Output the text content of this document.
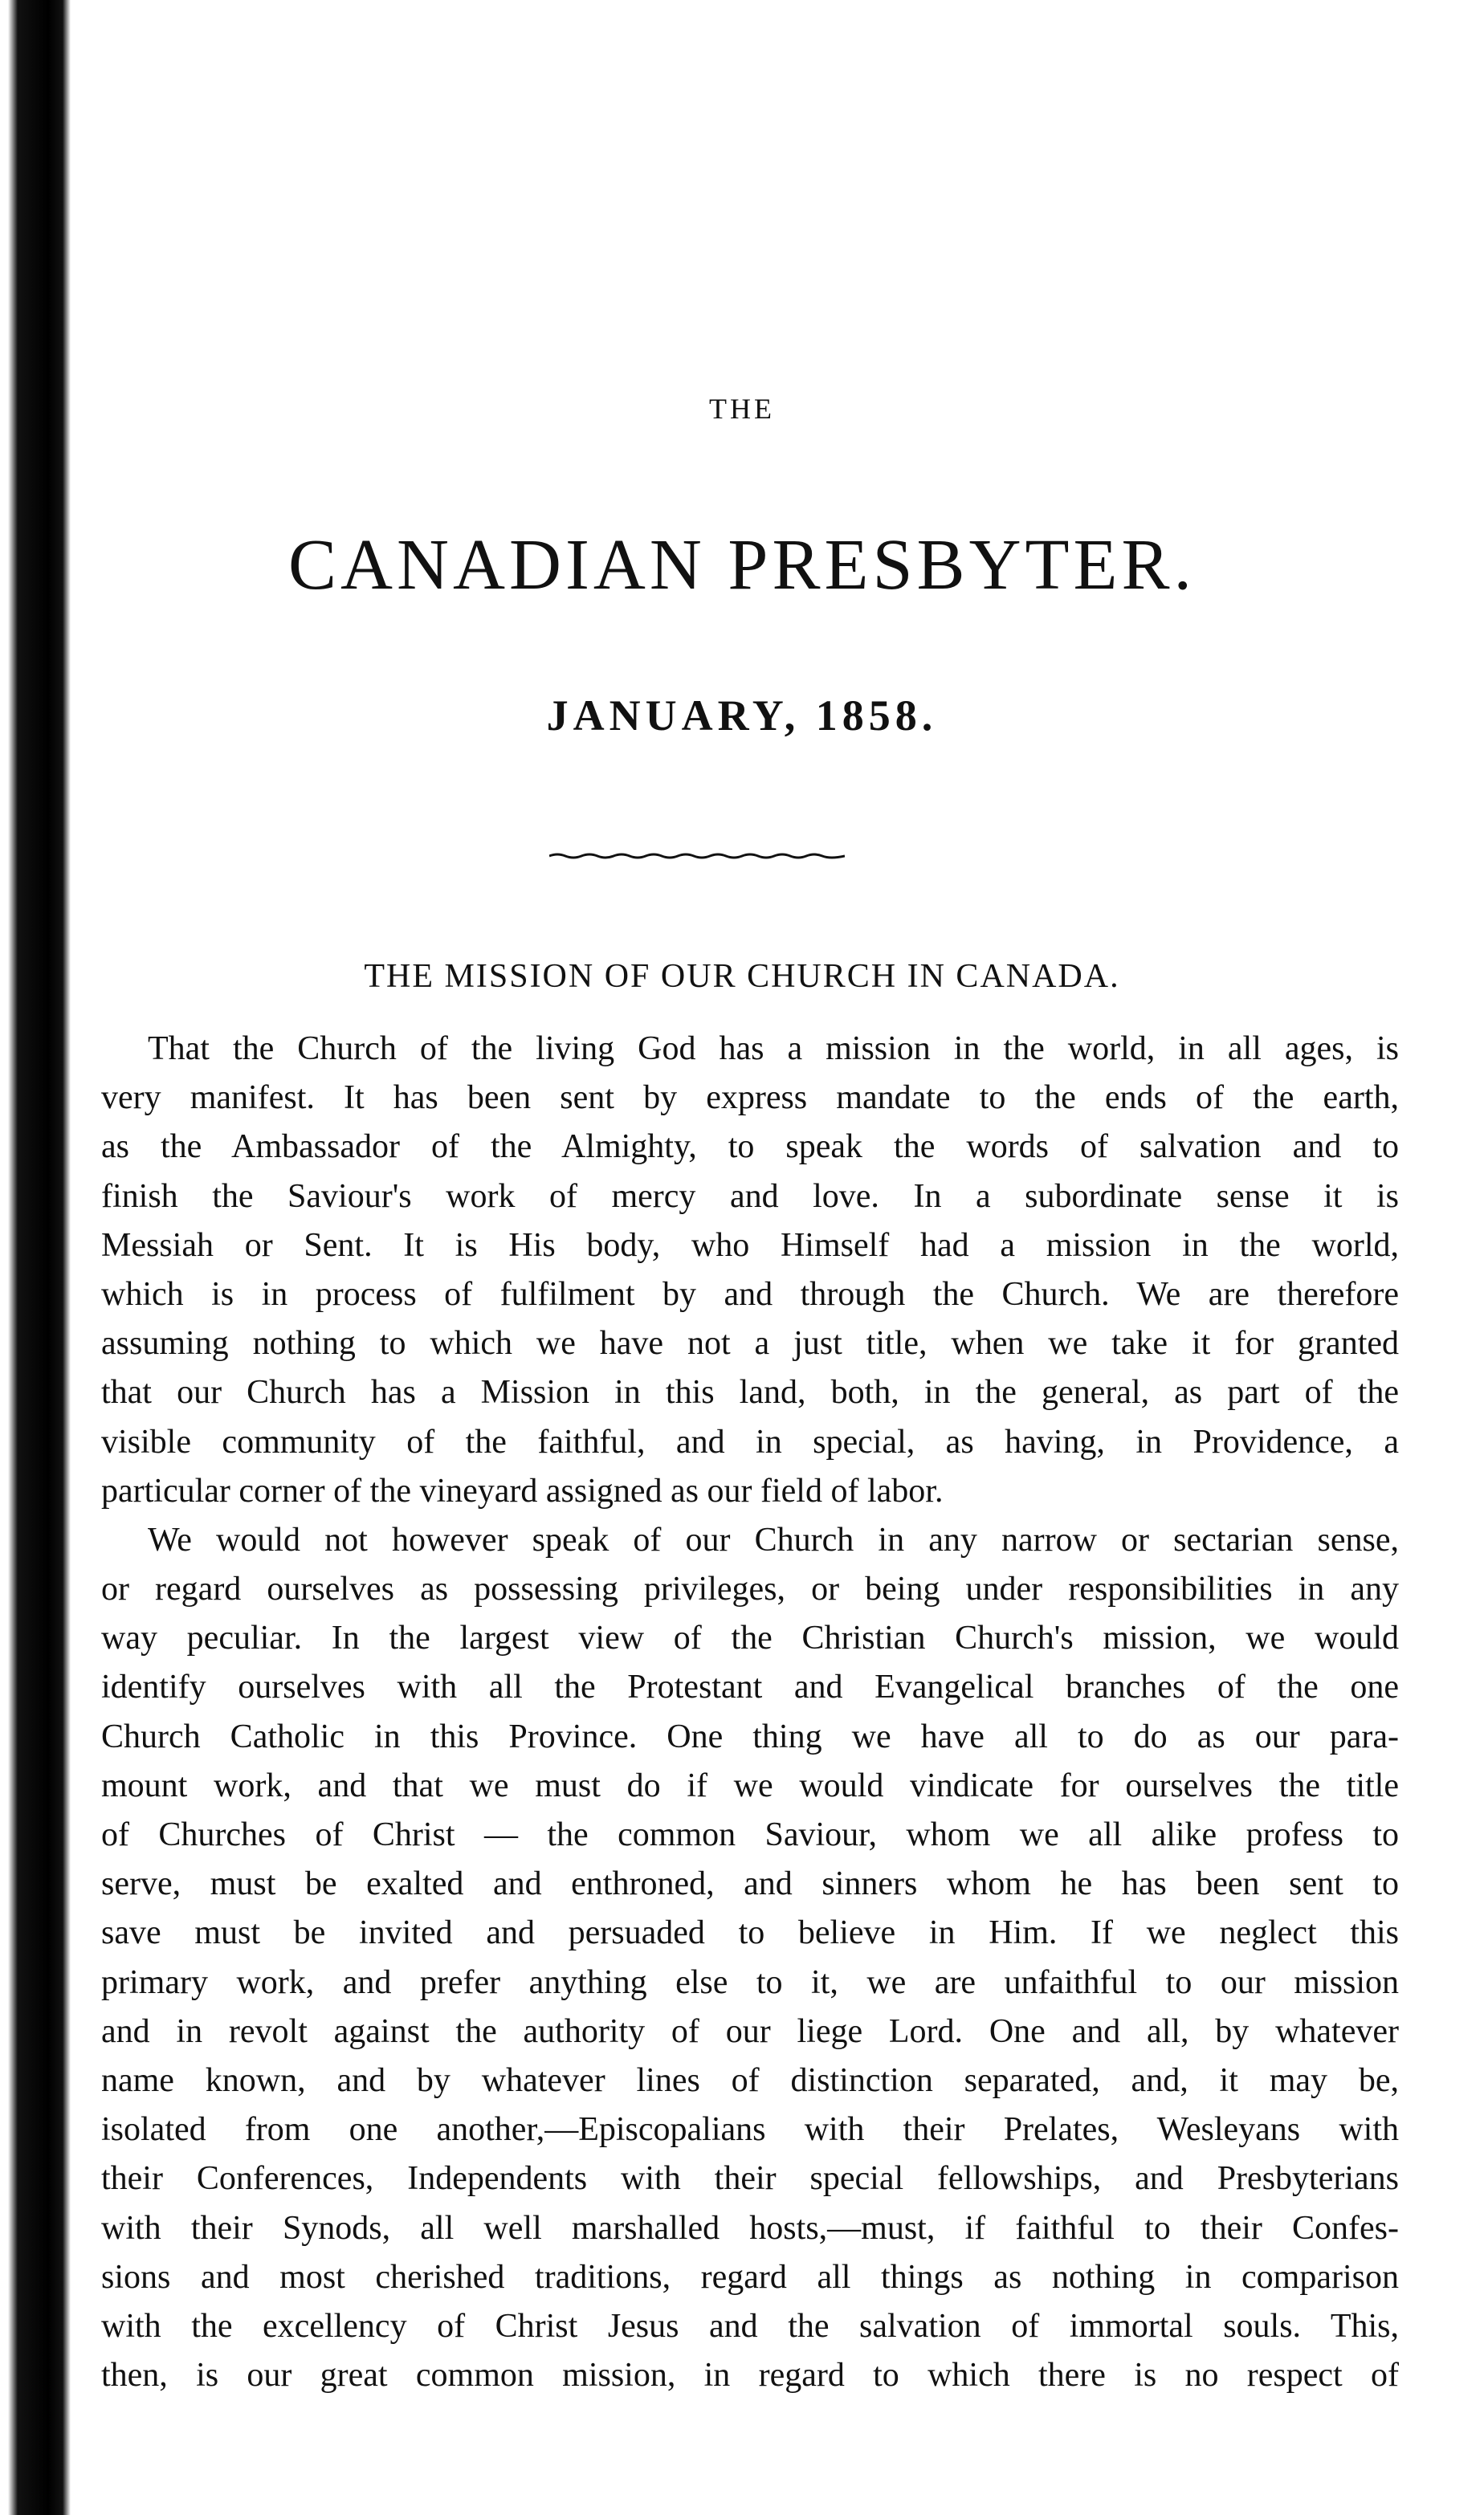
THE
CANADIAN PRESBYTER.
JANUARY, 1858.
THE MISSION OF OUR CHURCH IN CANADA.

That the Church of the living God has a mission in the world, in all ages, is
very manifest. It has been sent by express mandate to the ends of the earth,
as the Ambassador of the Almighty, to speak the words of salvation and to
finish the Saviour's work of mercy and love. In a subordinate sense it is
Messiah or Sent. It is His body, who Himself had a mission in the world,
which is in process of fulfilment by and through the Church. We are therefore
assuming nothing to which we have not a just title, when we take it for granted
that our Church has a Mission in this land, both, in the general, as part of the
visible community of the faithful, and in special, as having, in Providence, a
particular corner of the vineyard assigned as our field of labor.

We would not however speak of our Church in any narrow or sectarian sense,
or regard ourselves as possessing privileges, or being under responsibilities in any
way peculiar. In the largest view of the Christian Church's mission, we would
identify ourselves with all the Protestant and Evangelical branches of the one
Church Catholic in this Province. One thing we have all to do as our para-
mount work, and that we must do if we would vindicate for ourselves the title
of Churches of Christ — the common Saviour, whom we all alike profess to
serve, must be exalted and enthroned, and sinners whom he has been sent to
save must be invited and persuaded to believe in Him. If we neglect this
primary work, and prefer anything else to it, we are unfaithful to our mission
and in revolt against the authority of our liege Lord. One and all, by whatever
name known, and by whatever lines of distinction separated, and, it may be,
isolated from one another,—Episcopalians with their Prelates, Wesleyans with
their Conferences, Independents with their special fellowships, and Presbyterians
with their Synods, all well marshalled hosts,—must, if faithful to their Confes-
sions and most cherished traditions, regard all things as nothing in comparison
with the excellency of Christ Jesus and the salvation of immortal souls. This,
then, is our great common mission, in regard to which there is no respect of
